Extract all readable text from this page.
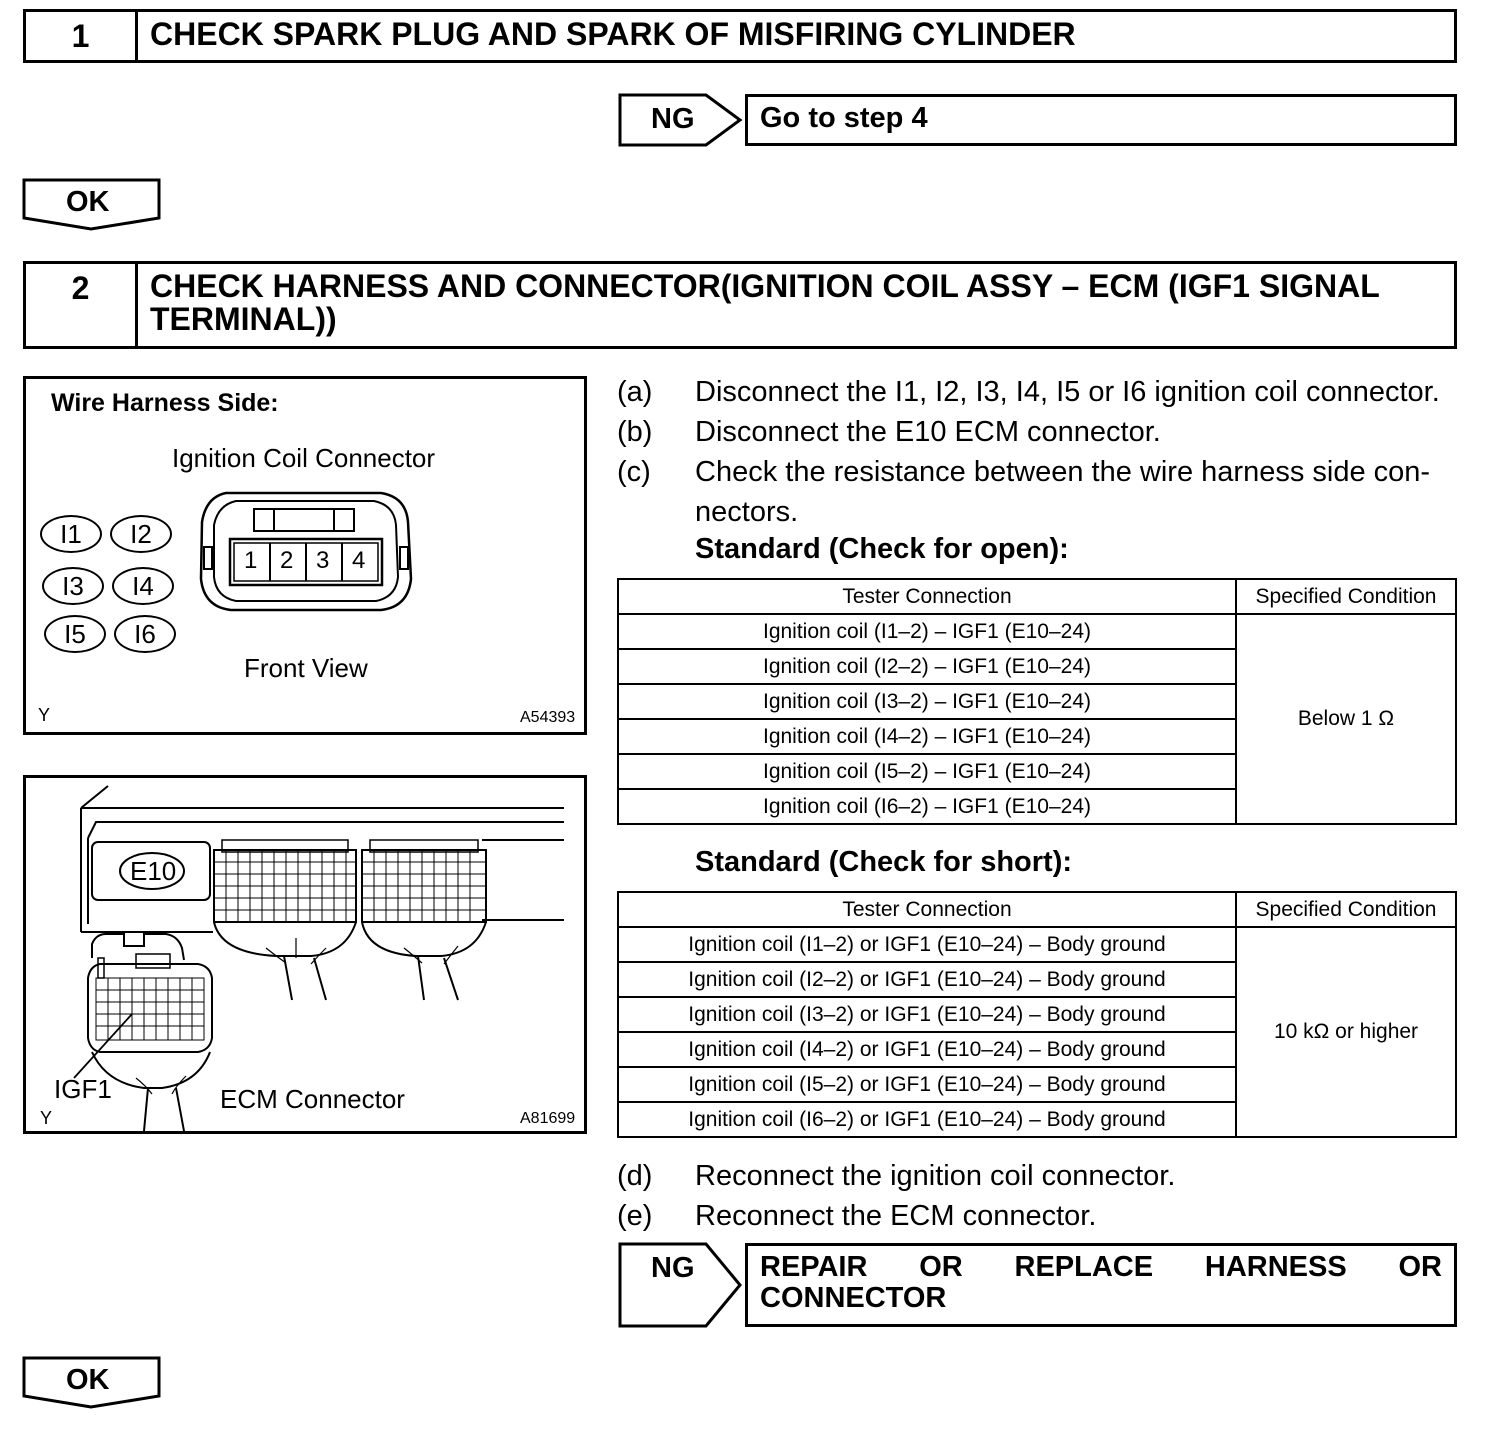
1	CHECK SPARK PLUG AND SPARK OF MISFIRING CYLINDER
NG	Go to step 4
OK
2	CHECK HARNESS AND CONNECTOR(IGNITION COIL ASSY – ECM (IGF1 SIGNAL TERMINAL))
Wire Harness Side:
Ignition Coil Connector
I1	I2
I3	I4
I5	I6
1 2 3 4
Front View
Y	A54393
E10
IGF1	ECM Connector
Y	A81699
(a)	Disconnect the I1, I2, I3, I4, I5 or I6 ignition coil connector.
(b)	Disconnect the E10 ECM connector.
(c)	Check the resistance between the wire harness side con-
nectors.
Standard (Check for open):
Tester Connection	Specified Condition
Ignition coil (I1–2) – IGF1 (E10–24)	Below 1 Ω
Ignition coil (I2–2) – IGF1 (E10–24)	
Ignition coil (I3–2) – IGF1 (E10–24)	
Ignition coil (I4–2) – IGF1 (E10–24)	
Ignition coil (I5–2) – IGF1 (E10–24)	
Ignition coil (I6–2) – IGF1 (E10–24)	
Standard (Check for short):
Tester Connection	Specified Condition
Ignition coil (I1–2) or IGF1 (E10–24) – Body ground	10 kΩ or higher
Ignition coil (I2–2) or IGF1 (E10–24) – Body ground	
Ignition coil (I3–2) or IGF1 (E10–24) – Body ground	
Ignition coil (I4–2) or IGF1 (E10–24) – Body ground	
Ignition coil (I5–2) or IGF1 (E10–24) – Body ground	
Ignition coil (I6–2) or IGF1 (E10–24) – Body ground	
(d)	Reconnect the ignition coil connector.
(e)	Reconnect the ECM connector.
NG REPAIR OR REPLACE HARNESS OR
CONNECTOR
OK
